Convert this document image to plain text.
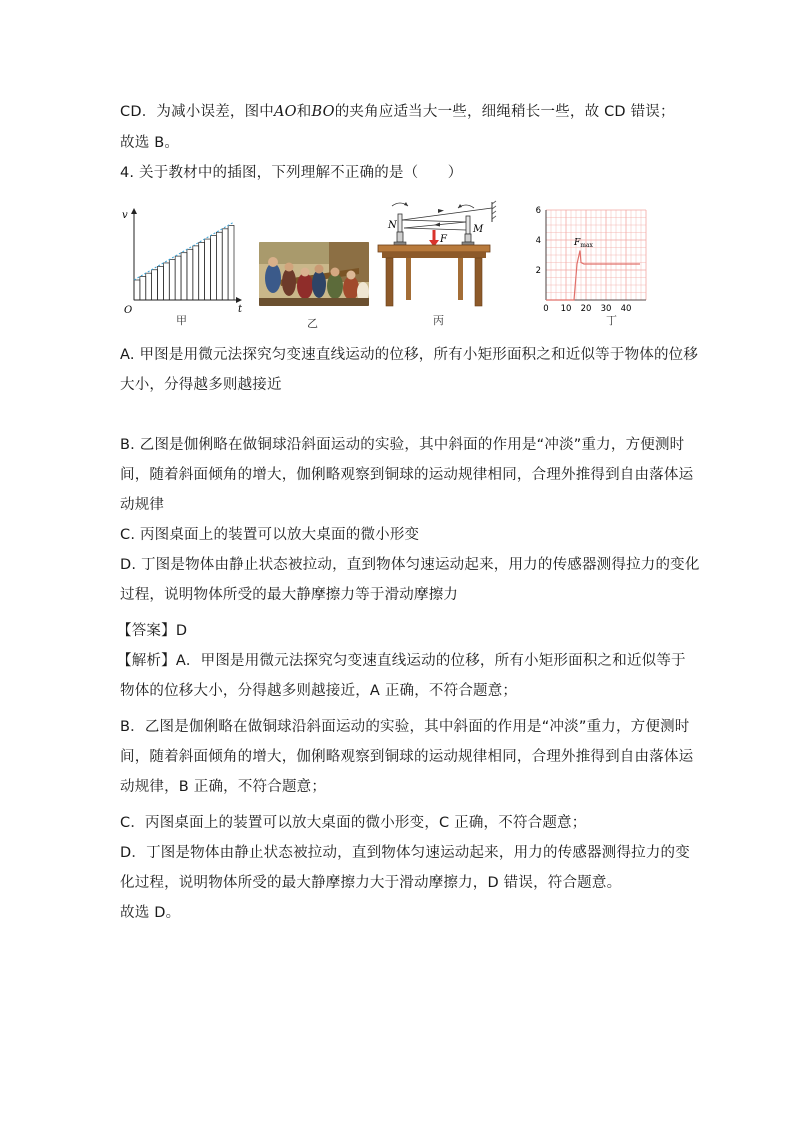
CD．为减小误差，图中AO和BO的夹角应适当大一些，细绳稍长一些，故 CD 错误；
故选 B。
4. 关于教材中的插图，下列理解不正确的是（　　）
v
t
O
甲	乙
N	M
F
丙
0 10 20 30 40
2
4
6
$F_{max}$
丁
A. 甲图是用微元法探究匀变速直线运动的位移，所有小矩形面积之和近似等于物体的位移
大小，分得越多则越接近
B. 乙图是伽俐略在做铜球沿斜面运动的实验，其中斜面的作用是“冲淡”重力，方便测时
间，随着斜面倾角的增大，伽俐略观察到铜球的运动规律相同，合理外推得到自由落体运
动规律
C. 丙图桌面上的装置可以放大桌面的微小形变
D. 丁图是物体由静止状态被拉动，直到物体匀速运动起来，用力的传感器测得拉力的变化
过程，说明物体所受的最大静摩擦力等于滑动摩擦力
【答案】D
【解析】A．甲图是用微元法探究匀变速直线运动的位移，所有小矩形面积之和近似等于
物体的位移大小，分得越多则越接近，A 正确，不符合题意；
B．乙图是伽俐略在做铜球沿斜面运动的实验，其中斜面的作用是“冲淡”重力，方便测时
间，随着斜面倾角的增大，伽俐略观察到铜球的运动规律相同，合理外推得到自由落体运
动规律，B 正确，不符合题意；
C．丙图桌面上的装置可以放大桌面的微小形变，C 正确，不符合题意；
D．丁图是物体由静止状态被拉动，直到物体匀速运动起来，用力的传感器测得拉力的变
化过程，说明物体所受的最大静摩擦力大于滑动摩擦力，D 错误，符合题意。
故选 D。
